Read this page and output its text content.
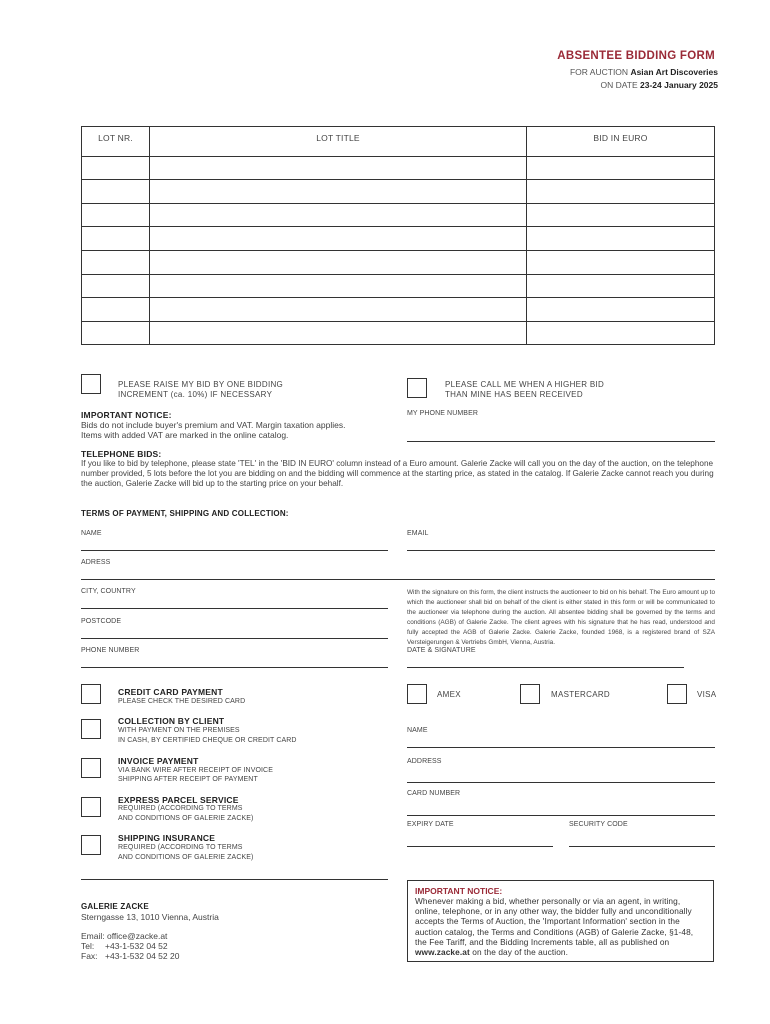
ABSENTEE BIDDING FORM
FOR AUCTION Asian Art Discoveries
ON DATE 23-24 January 2025
LOT NR.	LOT TITLE	BID IN EURO

PLEASE RAISE MY BID BY ONE BIDDING INCREMENT (ca. 10%) IF NECESSARY
PLEASE CALL ME WHEN A HIGHER BID THAN MINE HAS BEEN RECEIVED
IMPORTANT NOTICE:
Bids do not include buyer's premium and VAT. Margin taxation applies. Items with added VAT are marked in the online catalog.
MY PHONE NUMBER
TELEPHONE BIDS:
If you like to bid by telephone, please state 'TEL' in the 'BID IN EURO' column instead of a Euro amount. Galerie Zacke will call you on the day of the auction, on the telephone number provided, 5 lots before the lot you are bidding on and the bidding will commence at the starting price, as stated in the catalog. If Galerie Zacke cannot reach you during the auction, Galerie Zacke will bid up to the starting price on your behalf.
TERMS OF PAYMENT, SHIPPING AND COLLECTION:
NAME	EMAIL
ADRESS
CITY, COUNTRY
POSTCODE
PHONE NUMBER
With the signature on this form, the client instructs the auctioneer to bid on his behalf. The Euro amount up to which the auctioneer shall bid on behalf of the client is either stated in this form or will be communicated to the auctioneer via telephone during the auction. All absentee bidding shall be governed by the terms and conditions (AGB) of Galerie Zacke. The client agrees with his signature that he has read, understood and fully accepted the AGB of Galerie Zacke. Galerie Zacke, founded 1968, is a registered brand of SZA Versteigerungen & Vertriebs GmbH, Vienna, Austria.
DATE & SIGNATURE
CREDIT CARD PAYMENT
PLEASE CHECK THE DESIRED CARD
COLLECTION BY CLIENT
WITH PAYMENT ON THE PREMISES
IN CASH, BY CERTIFIED CHEQUE OR CREDIT CARD
INVOICE PAYMENT
VIA BANK WIRE AFTER RECEIPT OF INVOICE
SHIPPING AFTER RECEIPT OF PAYMENT
EXPRESS PARCEL SERVICE
REQUIRED (ACCORDING TO TERMS
AND CONDITIONS OF GALERIE ZACKE)
SHIPPING INSURANCE
REQUIRED (ACCORDING TO TERMS
AND CONDITIONS OF GALERIE ZACKE)
AMEX	MASTERCARD	VISA
NAME
ADDRESS
CARD NUMBER
EXPIRY DATE	SECURITY CODE
GALERIE ZACKE
Sterngasse 13, 1010 Vienna, Austria
Email: office@zacke.at
Tel: +43-1-532 04 52
Fax: +43-1-532 04 52 20
IMPORTANT NOTICE:
Whenever making a bid, whether personally or via an agent, in writing, online, telephone, or in any other way, the bidder fully and unconditionally accepts the Terms of Auction, the 'Important Information' section in the auction catalog, the Terms and Conditions (AGB) of Galerie Zacke, §1-48, the Fee Tariff, and the Bidding Increments table, all as published on www.zacke.at on the day of the auction.
